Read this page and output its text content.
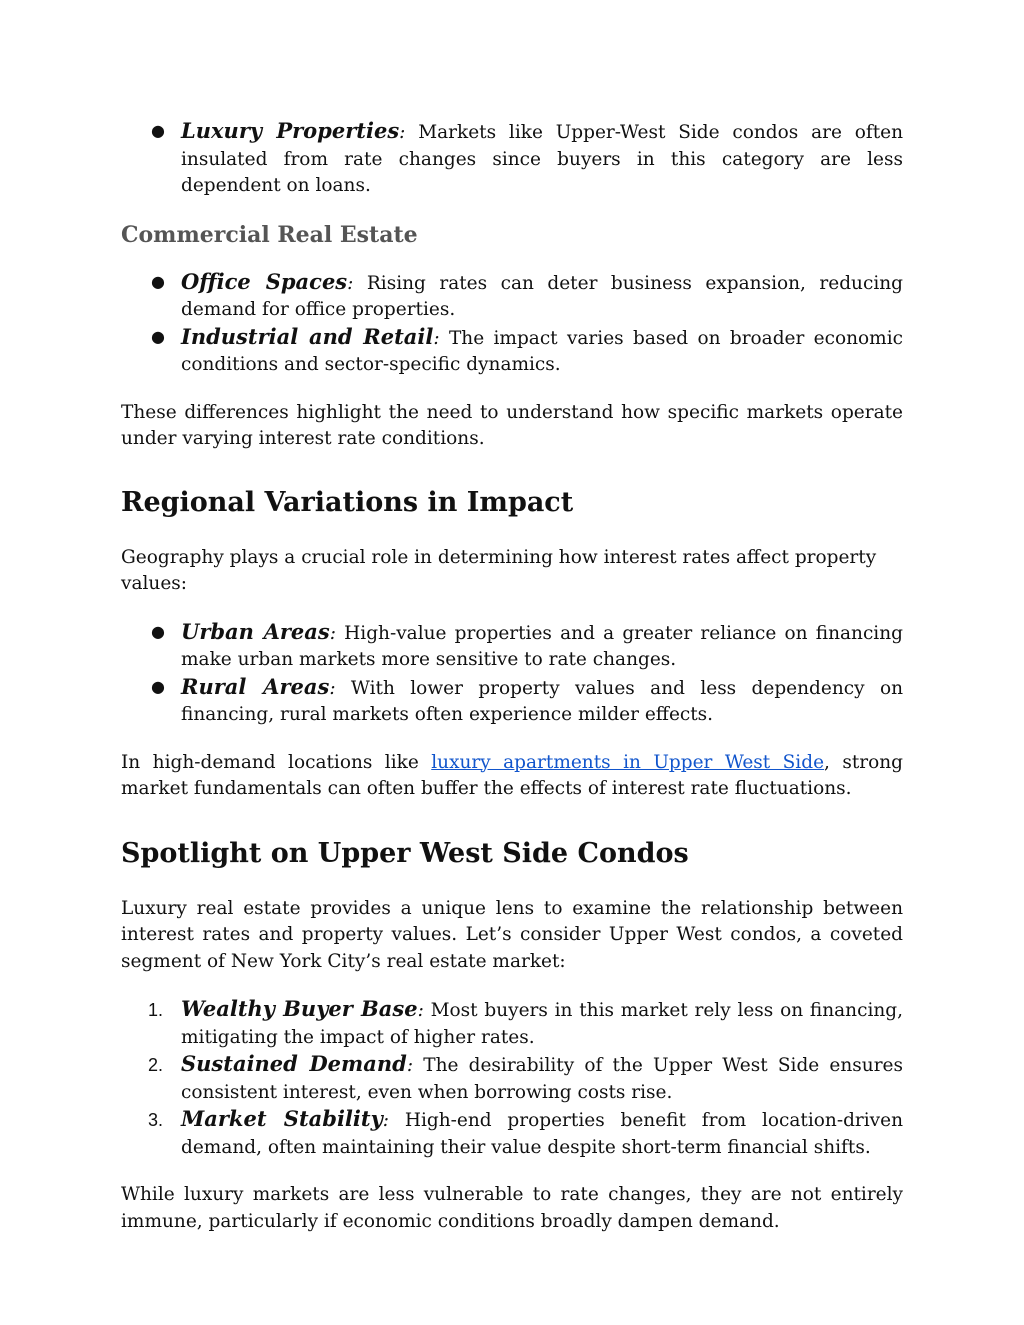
● Luxury Properties: Markets like Upper-West Side condos are often insulated from rate changes since buyers in this category are less dependent on loans.
Commercial Real Estate
● Office Spaces: Rising rates can deter business expansion, reducing demand for office properties.
● Industrial and Retail: The impact varies based on broader economic conditions and sector-specific dynamics.

These differences highlight the need to understand how specific markets operate under varying interest rate conditions.

Regional Variations in Impact

Geography plays a crucial role in determining how interest rates affect property values:

● Urban Areas: High-value properties and a greater reliance on financing make urban markets more sensitive to rate changes.
● Rural Areas: With lower property values and less dependency on financing, rural markets often experience milder effects.

In high-demand locations like luxury apartments in Upper West Side, strong market fundamentals can often buffer the effects of interest rate fluctuations.

Spotlight on Upper West Side Condos

Luxury real estate provides a unique lens to examine the relationship between interest rates and property values. Let’s consider Upper West condos, a coveted segment of New York City’s real estate market:

1. Wealthy Buyer Base: Most buyers in this market rely less on financing, mitigating the impact of higher rates.
2. Sustained Demand: The desirability of the Upper West Side ensures consistent interest, even when borrowing costs rise.
3. Market Stability: High-end properties benefit from location-driven demand, often maintaining their value despite short-term financial shifts.

While luxury markets are less vulnerable to rate changes, they are not entirely immune, particularly if economic conditions broadly dampen demand.
